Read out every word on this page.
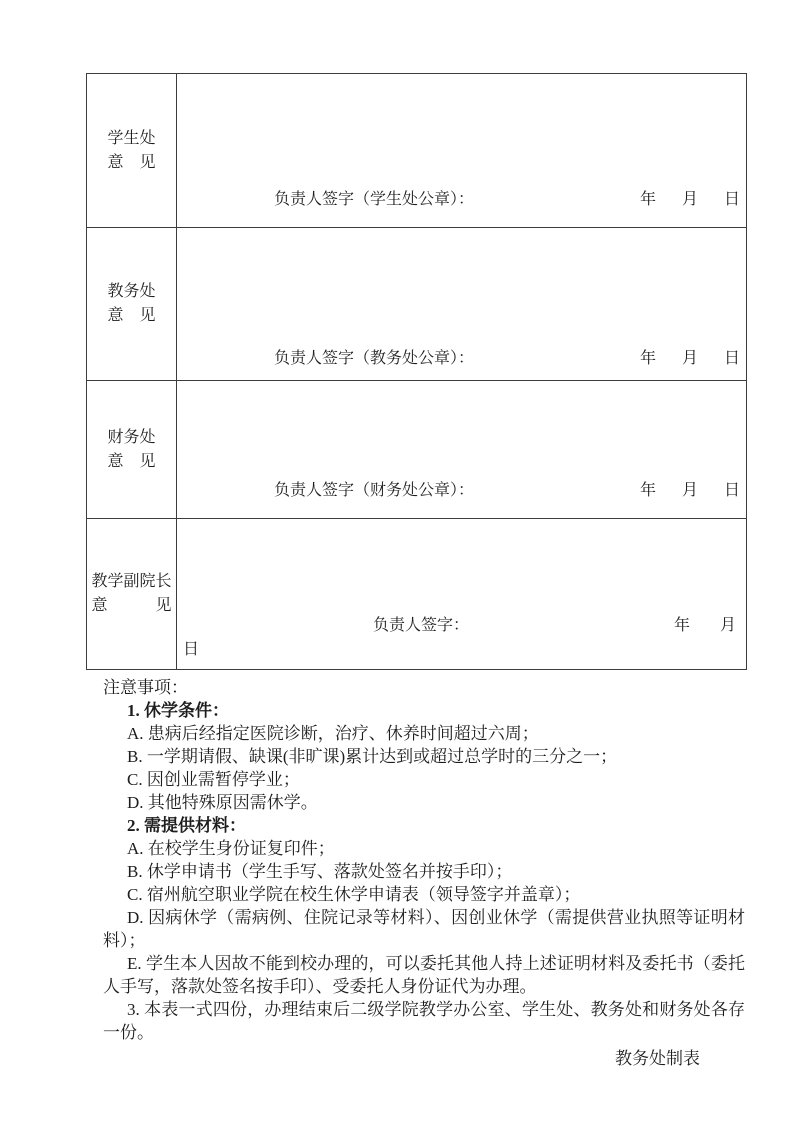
学生处
意 见

负责人签字（学生处公章）：	年 月 日

教务处
意 见

负责人签字（教务处公章）：	年 月 日

财务处
意 见

负责人签字（财务处公章）：	年 月 日

教学副院长
意	见

负责人签字：	年 月
日

注意事项：

1. 休学条件：

A. 患病后经指定医院诊断，治疗、休养时间超过六周；

B. 一学期请假、缺课(非旷课)累计达到或超过总学时的三分之一；

C. 因创业需暂停学业；

D. 其他特殊原因需休学。

2. 需提供材料：

A. 在校学生身份证复印件；

B. 休学申请书（学生手写、落款处签名并按手印）；

C. 宿州航空职业学院在校生休学申请表（领导签字并盖章）；

D. 因病休学（需病例、住院记录等材料）、因创业休学（需提供营业执照等证明材料）；

E. 学生本人因故不能到校办理的，可以委托其他人持上述证明材料及委托书（委托人手写，落款处签名按手印）、受委托人身份证代为办理。

3. 本表一式四份，办理结束后二级学院教学办公室、学生处、教务处和财务处各存一份。

教务处制表
